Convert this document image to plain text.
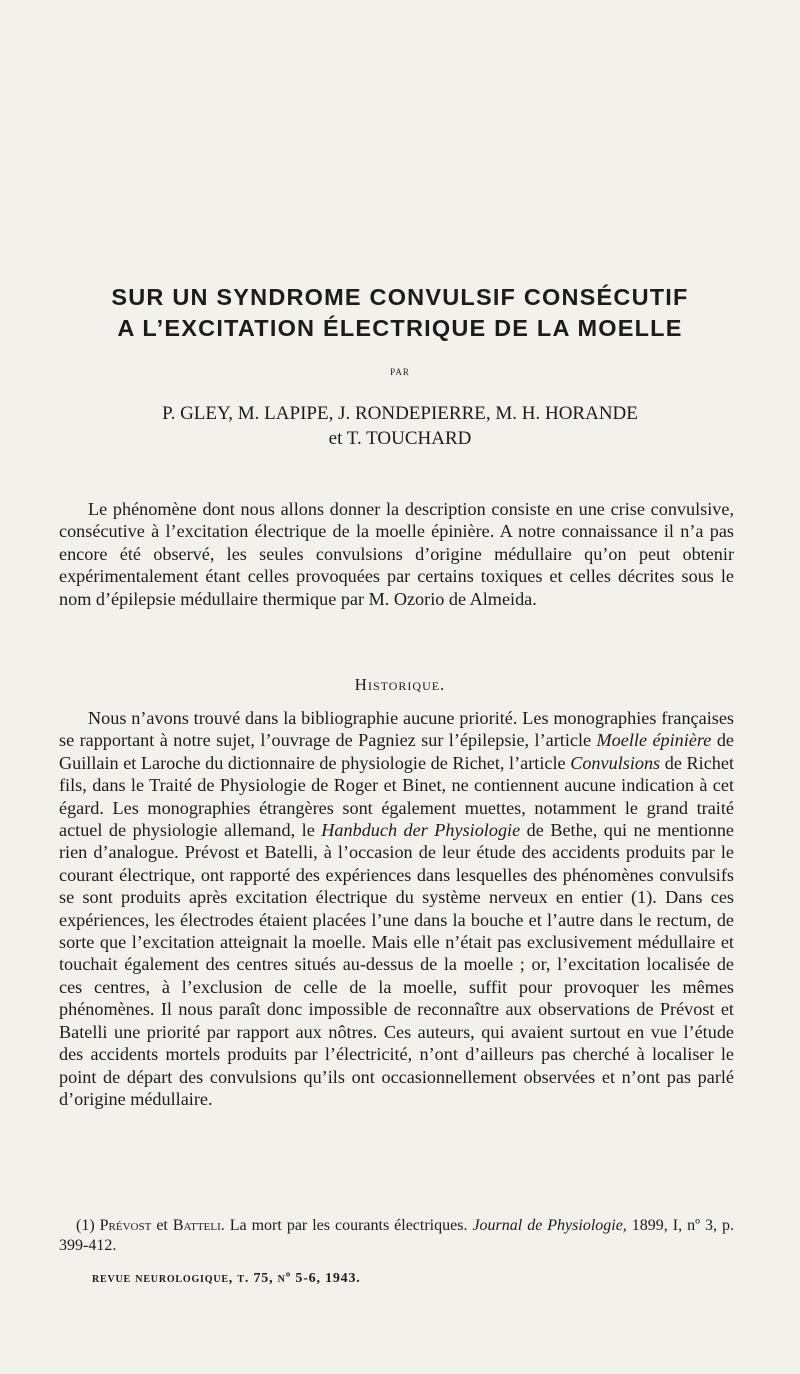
SUR UN SYNDROME CONVULSIF CONSÉCUTIF
A L’EXCITATION ÉLECTRIQUE DE LA MOELLE
PAR
P. GLEY, M. LAPIPE, J. RONDEPIERRE, M. H. HORANDE
et T. TOUCHARD

Le phénomène dont nous allons donner la description consiste en une crise convulsive, consécutive à l’excitation électrique de la moelle épinière. A notre connaissance il n’a pas encore été observé, les seules convulsions d’origine médullaire qu’on peut obtenir expérimentalement étant celles provoquées par certains toxiques et celles décrites sous le nom d’épilepsie médullaire thermique par M. Ozorio de Almeida.

Historique.

Nous n’avons trouvé dans la bibliographie aucune priorité. Les monographies françaises se rapportant à notre sujet, l’ouvrage de Pagniez sur l’épilepsie, l’article Moelle épinière de Guillain et Laroche du dictionnaire de physiologie de Richet, l’article Convulsions de Richet fils, dans le Traité de Physiologie de Roger et Binet, ne contiennent aucune indication à cet égard. Les monographies étrangères sont également muettes, notamment le grand traité actuel de physiologie allemand, le Hanbduch der Physiologie de Bethe, qui ne mentionne rien d’analogue. Prévost et Batelli, à l’occasion de leur étude des accidents produits par le courant électrique, ont rapporté des expériences dans lesquelles des phénomènes convulsifs se sont produits après excitation électrique du système nerveux en entier (1). Dans ces expériences, les électrodes étaient placées l’une dans la bouche et l’autre dans le rectum, de sorte que l’excitation atteignait la moelle. Mais elle n’était pas exclusivement médullaire et touchait également des centres situés au-dessus de la moelle ; or, l’excitation localisée de ces centres, à l’exclusion de celle de la moelle, suffit pour provoquer les mêmes phénomènes. Il nous paraît donc impossible de reconnaître aux observations de Prévost et Batelli une priorité par rapport aux nôtres. Ces auteurs, qui avaient surtout en vue l’étude des accidents mortels produits par l’électricité, n’ont d’ailleurs pas cherché à localiser le point de départ des convulsions qu’ils ont occasionnellement observées et n’ont pas parlé d’origine médullaire.

(1) Prévost et Batteli. La mort par les courants électriques. Journal de Physiologie, 1899, I, nº 3, p. 399-412.

revue neurologique, t. 75, nº 5-6, 1943.
